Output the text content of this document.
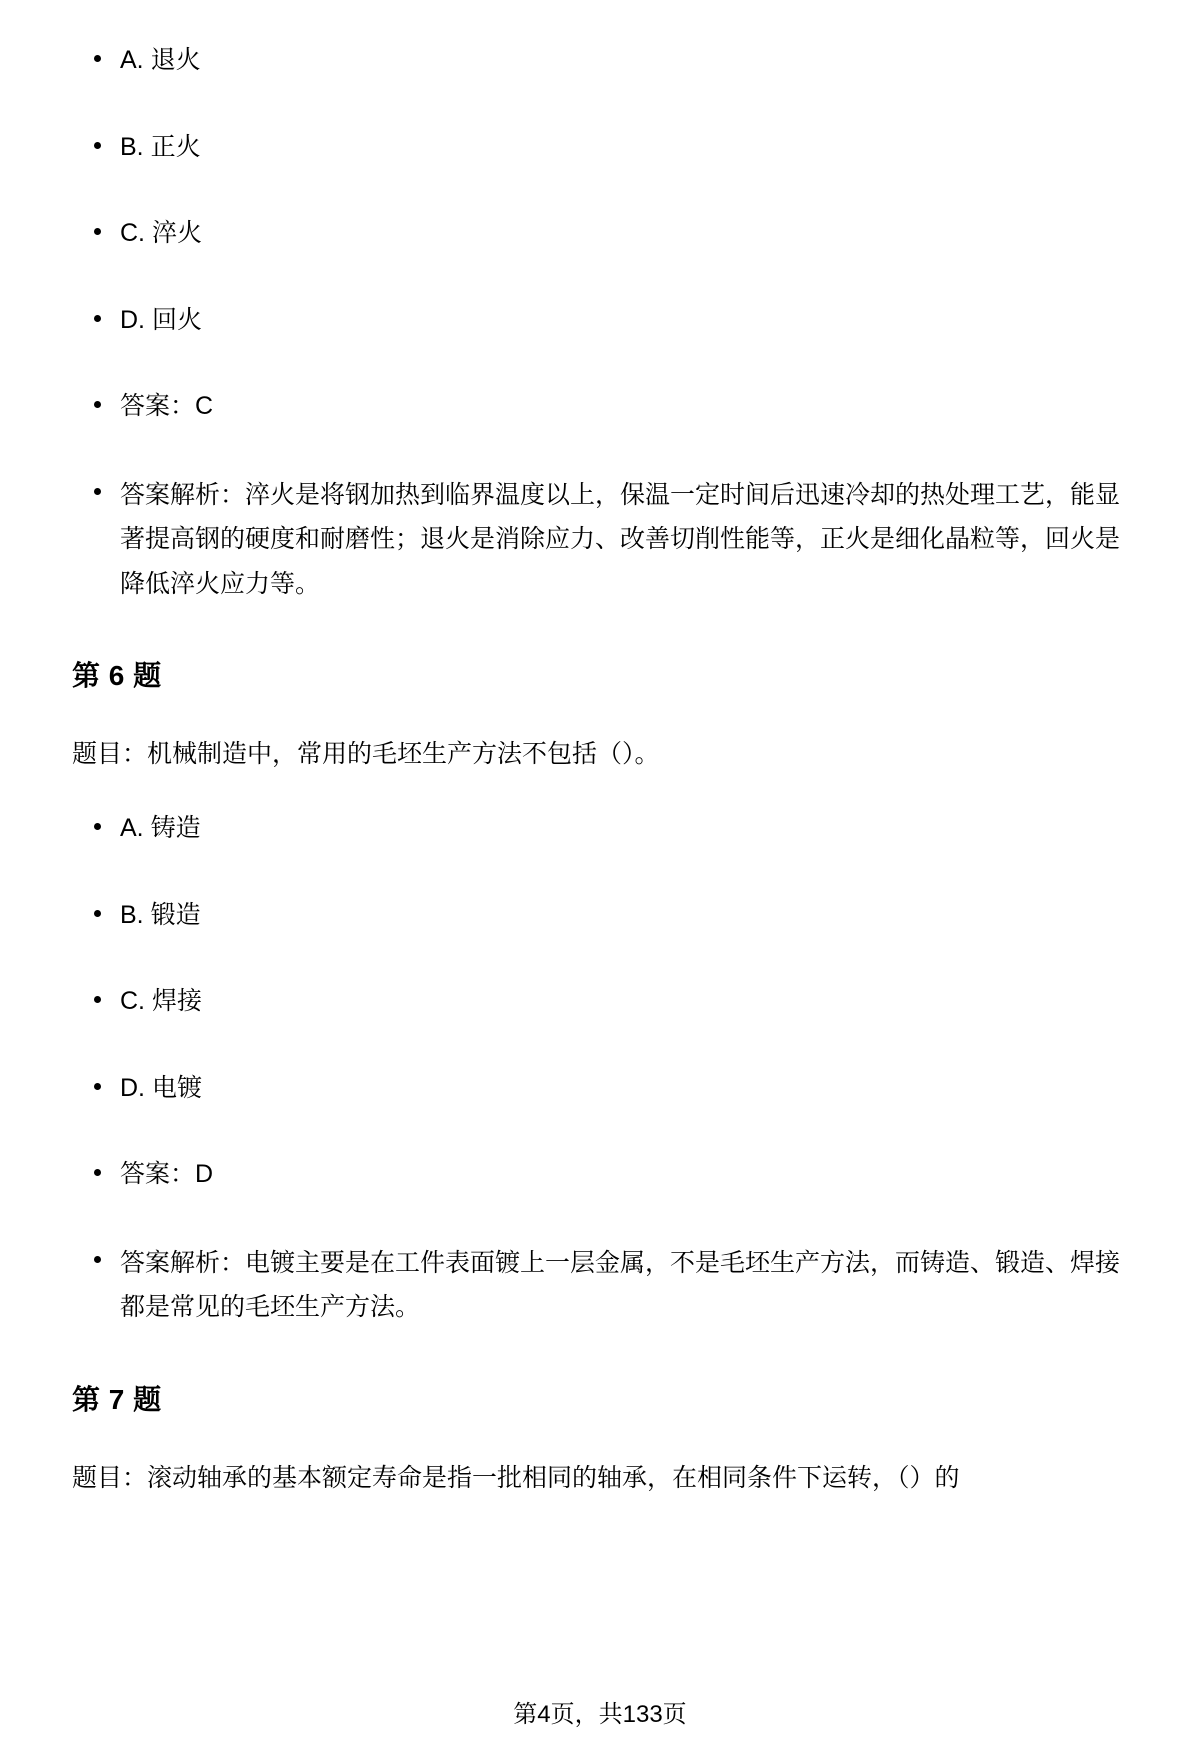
A. 退火
B. 正火
C. 淬火
D. 回火
答案：C
答案解析：淬火是将钢加热到临界温度以上，保温一定时间后迅速冷却的热处理工艺，能显著提高钢的硬度和耐磨性；退火是消除应力、改善切削性能等，正火是细化晶粒等，回火是降低淬火应力等。
第 6 题

题目：机械制造中，常用的毛坯生产方法不包括（）。

A. 铸造
B. 锻造
C. 焊接
D. 电镀
答案：D
答案解析：电镀主要是在工件表面镀上一层金属，不是毛坯生产方法，而铸造、锻造、焊接都是常见的毛坯生产方法。
第 7 题

题目：滚动轴承的基本额定寿命是指一批相同的轴承，在相同条件下运转，（）的

第4页，共133页
